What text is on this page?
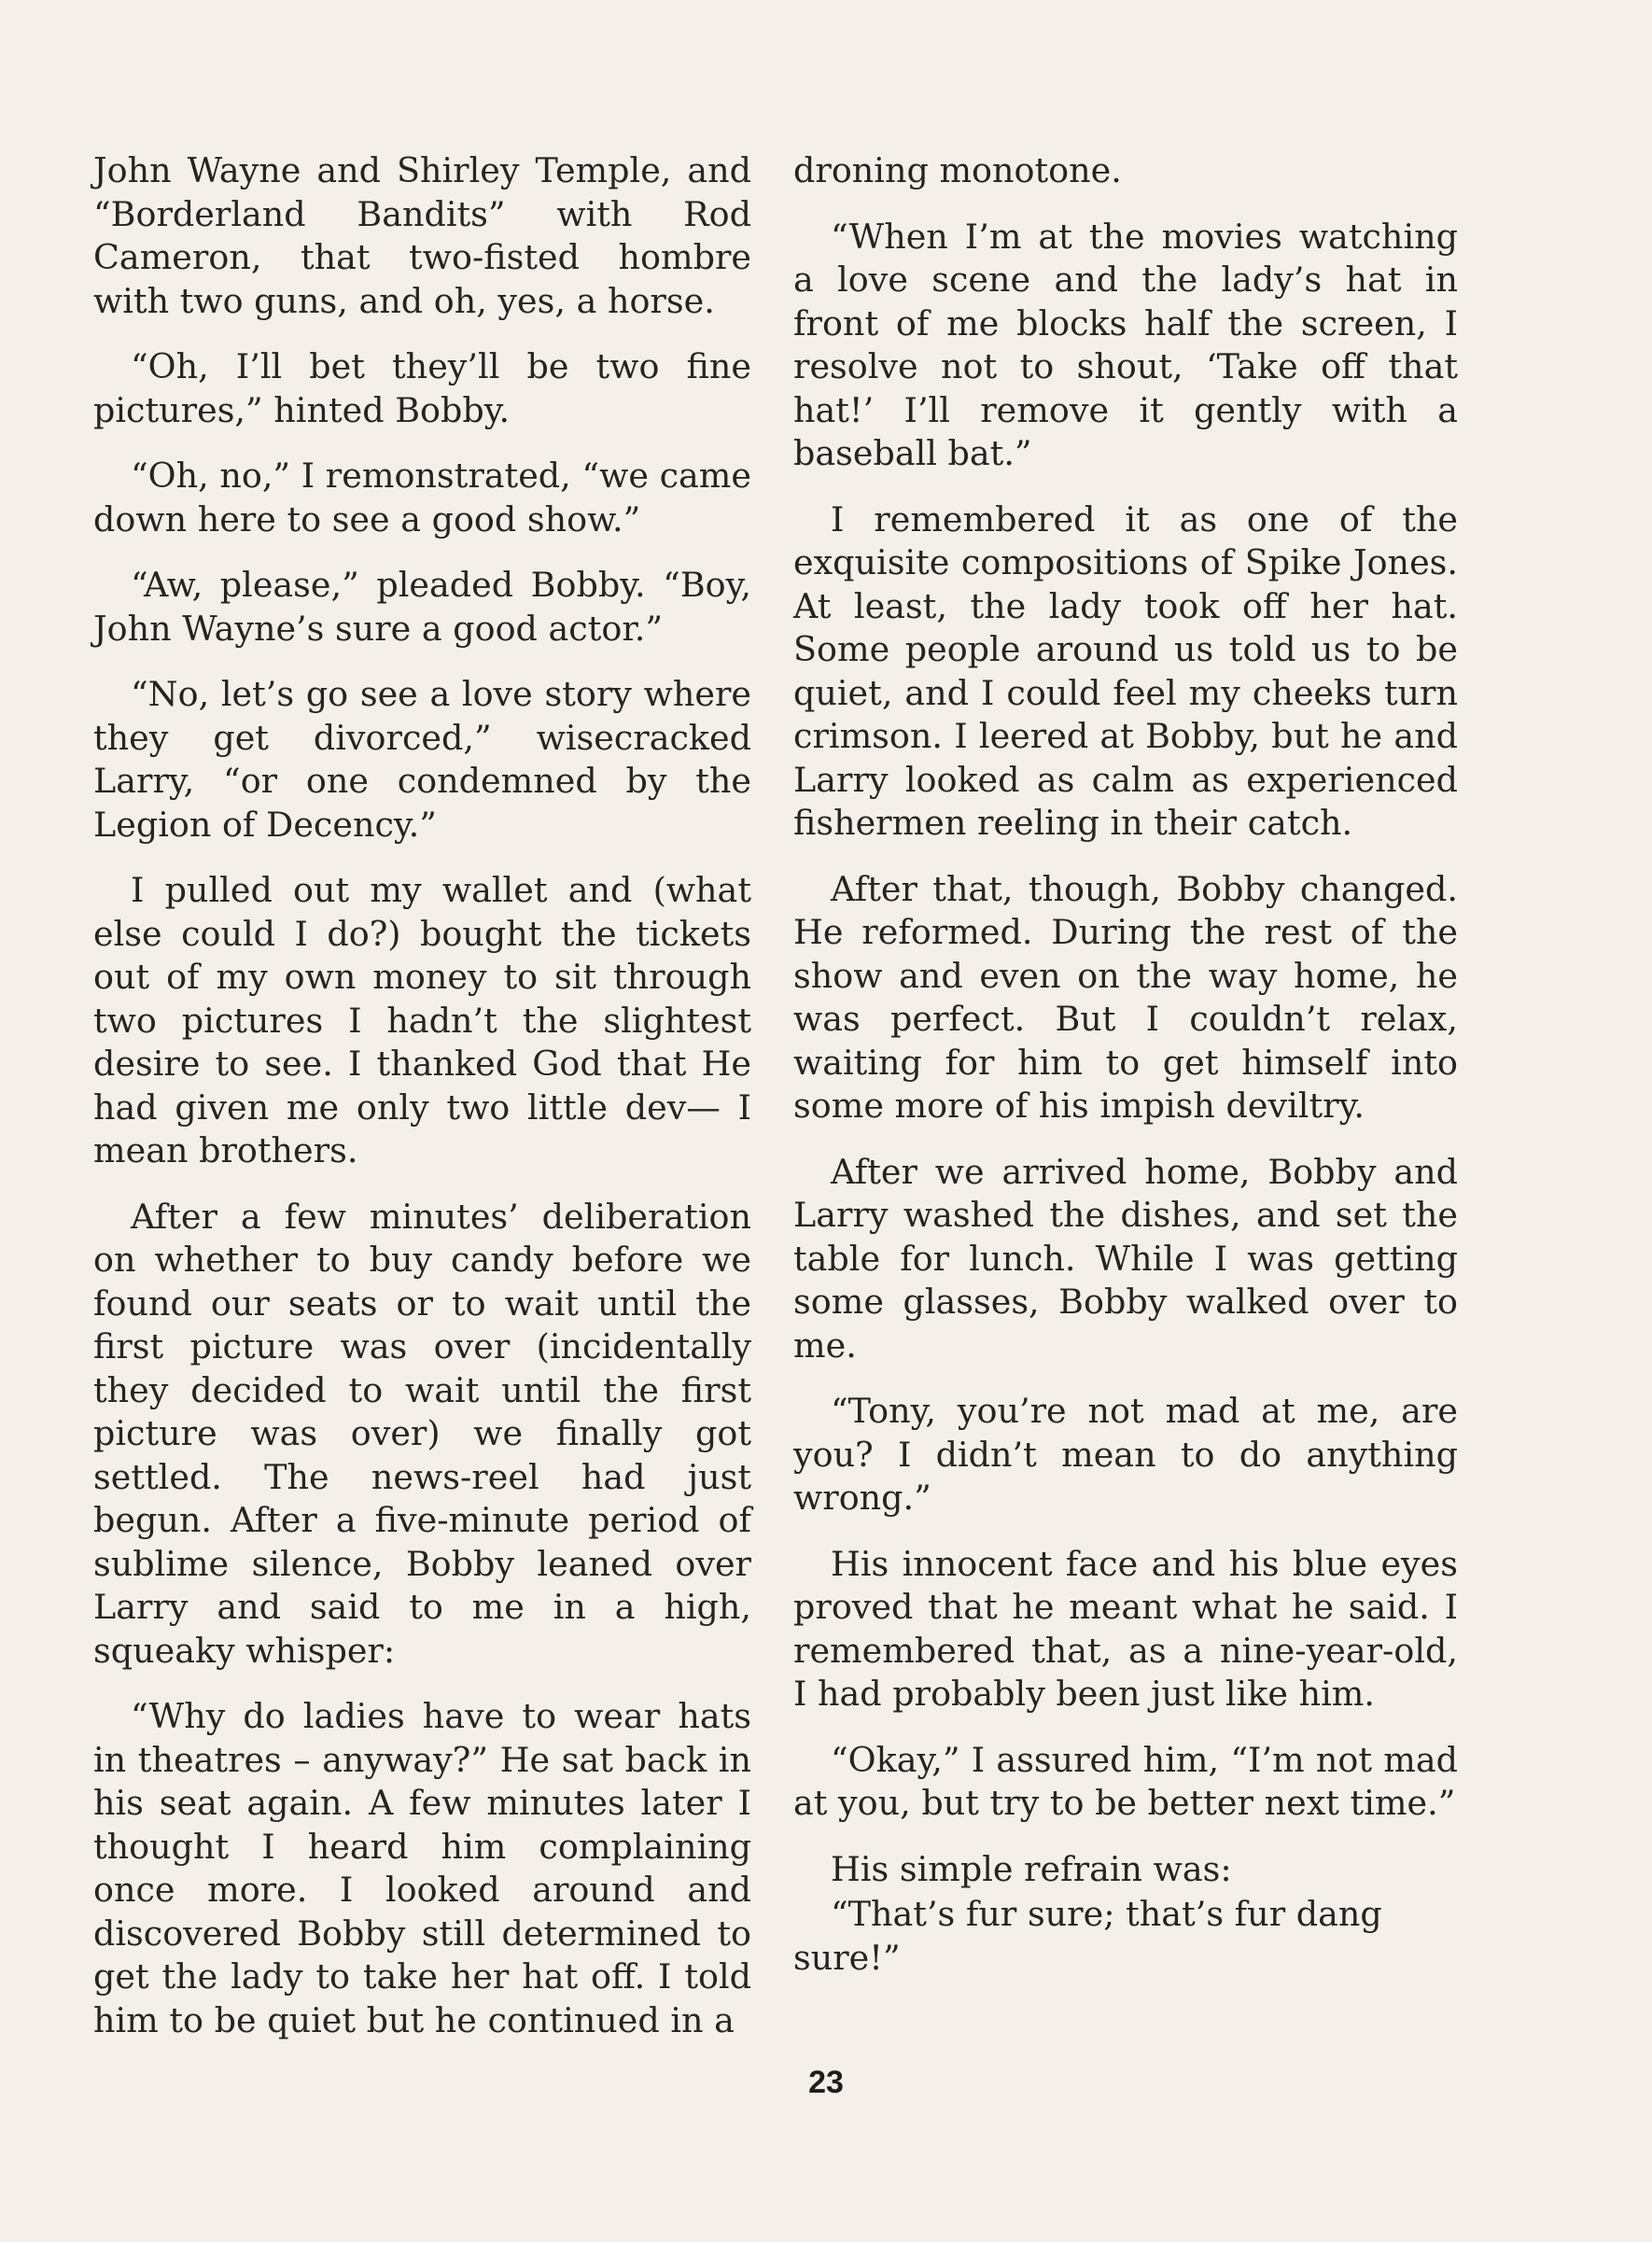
John Wayne and Shirley Temple, and “Borderland Bandits” with Rod Cameron, that two-fisted hombre with two guns, and oh, yes, a horse.

“Oh, I’ll bet they’ll be two fine pictures,” hinted Bobby.

“Oh, no,” I remonstrated, “we came down here to see a good show.”

“Aw, please,” pleaded Bobby. “Boy, John Wayne’s sure a good actor.”

“No, let’s go see a love story where they get divorced,” wisecracked Larry, “or one condemned by the Legion of Decency.”

I pulled out my wallet and (what else could I do?) bought the tickets out of my own money to sit through two pictures I hadn’t the slightest desire to see. I thanked God that He had given me only two little dev— I mean brothers.

After a few minutes’ deliberation on whether to buy candy before we found our seats or to wait until the first picture was over (incidentally they decided to wait until the first picture was over) we finally got settled. The news-reel had just begun. After a five-minute period of sublime silence, Bobby leaned over Larry and said to me in a high, squeaky whisper:

“Why do ladies have to wear hats in theatres – anyway?” He sat back in his seat again. A few minutes later I thought I heard him complaining once more. I looked around and discovered Bobby still determined to get the lady to take her hat off. I told him to be quiet but he continued in a

droning monotone.

“When I’m at the movies watching a love scene and the lady’s hat in front of me blocks half the screen, I resolve not to shout, ‘Take off that hat!’ I’ll remove it gently with a baseball bat.”

I remembered it as one of the exquisite compositions of Spike Jones. At least, the lady took off her hat. Some people around us told us to be quiet, and I could feel my cheeks turn crimson. I leered at Bobby, but he and Larry looked as calm as experienced fishermen reeling in their catch.

After that, though, Bobby changed. He reformed. During the rest of the show and even on the way home, he was perfect. But I couldn’t relax, waiting for him to get himself into some more of his impish deviltry.

After we arrived home, Bobby and Larry washed the dishes, and set the table for lunch. While I was getting some glasses, Bobby walked over to me.

“Tony, you’re not mad at me, are you? I didn’t mean to do anything wrong.”

His innocent face and his blue eyes proved that he meant what he said. I remembered that, as a nine-year-old, I had probably been just like him.

“Okay,” I assured him, “I’m not mad at you, but try to be better next time.”

His simple refrain was:

“That’s fur sure; that’s fur dang sure!”

23
